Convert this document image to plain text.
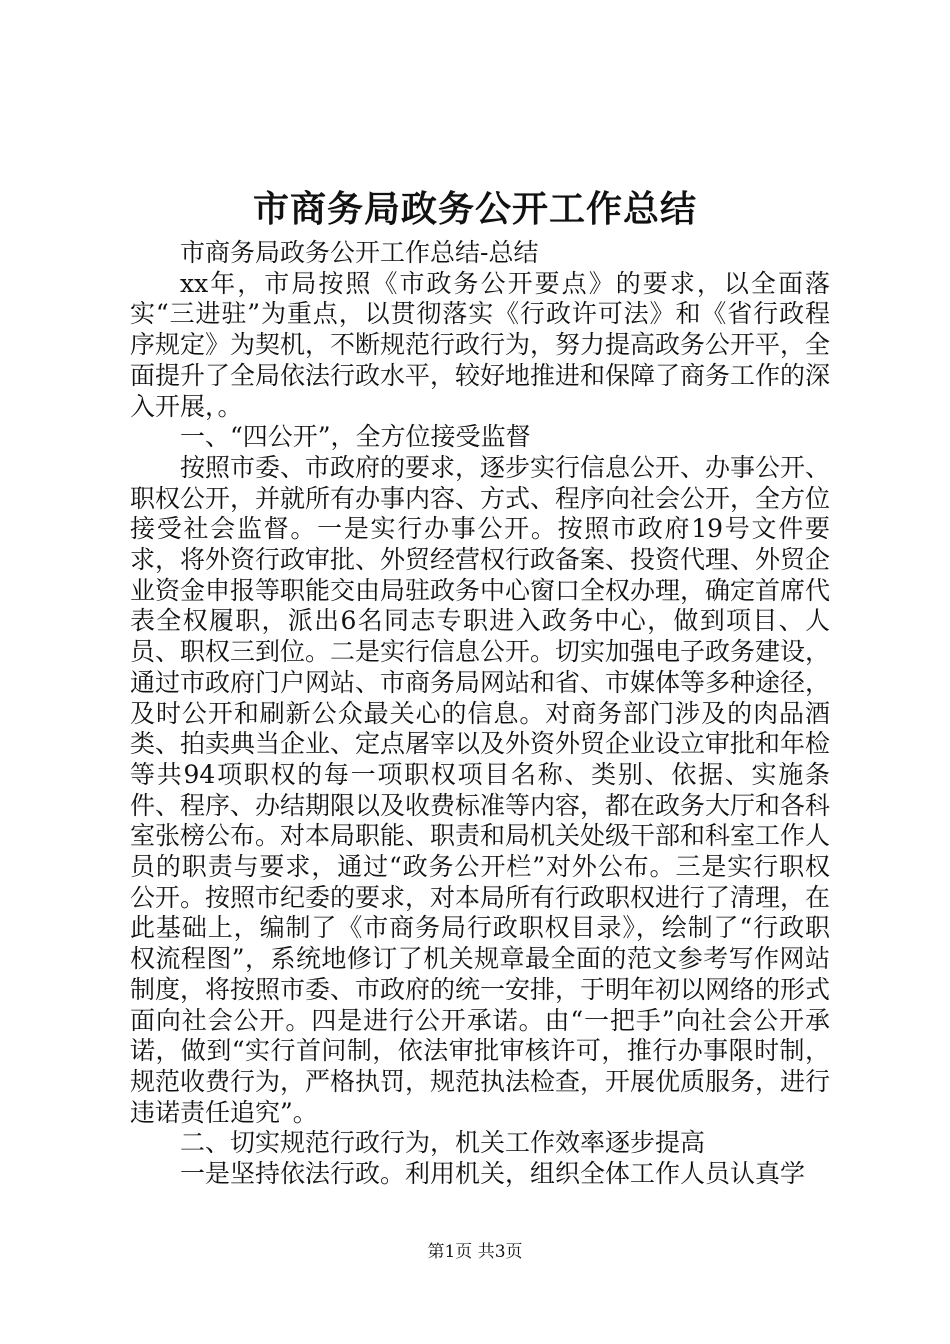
市商务局政务公开工作总结

市商务局政务公开工作总结-总结

xx年，市局按照《市政务公开要点》的要求，以全面落实“三进驻”为重点，以贯彻落实《行政许可法》和《省行政程序规定》为契机，不断规范行政行为，努力提高政务公开平，全面提升了全局依法行政水平，较好地推进和保障了商务工作的深入开展，。

一、“四公开”，全方位接受监督

按照市委、市政府的要求，逐步实行信息公开、办事公开、职权公开，并就所有办事内容、方式、程序向社会公开，全方位接受社会监督。一是实行办事公开。按照市政府19号文件要求，将外资行政审批、外贸经营权行政备案、投资代理、外贸企业资金申报等职能交由局驻政务中心窗口全权办理，确定首席代表全权履职，派出6名同志专职进入政务中心，做到项目、人员、职权三到位。二是实行信息公开。切实加强电子政务建设，通过市政府门户网站、市商务局网站和省、市媒体等多种途径，及时公开和刷新公众最关心的信息。对商务部门涉及的肉品酒类、拍卖典当企业、定点屠宰以及外资外贸企业设立审批和年检等共94项职权的每一项职权项目名称、类别、依据、实施条件、程序、办结期限以及收费标准等内容，都在政务大厅和各科室张榜公布。对本局职能、职责和局机关处级干部和科室工作人员的职责与要求，通过“政务公开栏”对外公布。三是实行职权公开。按照市纪委的要求，对本局所有行政职权进行了清理，在此基础上，编制了《市商务局行政职权目录》，绘制了“行政职权流程图”，系统地修订了机关规章最全面的范文参考写作网站制度，将按照市委、市政府的统一安排，于明年初以网络的形式面向社会公开。四是进行公开承诺。由“一把手”向社会公开承诺，做到“实行首问制，依法审批审核许可，推行办事限时制，规范收费行为，严格执罚，规范执法检查，开展优质服务，进行违诺责任追究”。

二、切实规范行政行为，机关工作效率逐步提高

一是坚持依法行政。利用机关，组织全体工作人员认真学

第1页 共3页
